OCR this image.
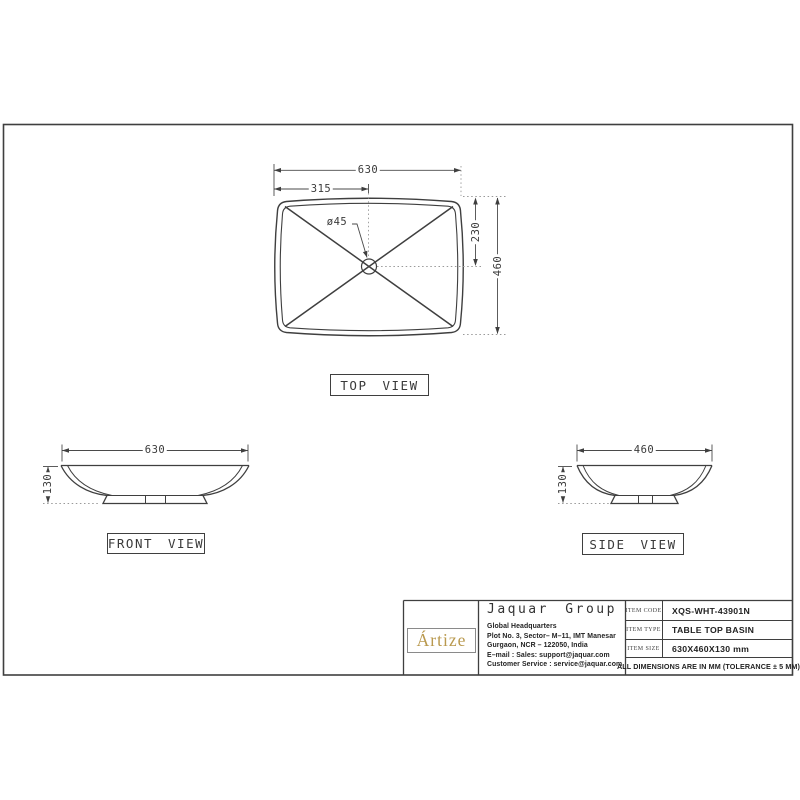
630
315
ø45
230
460
630
130
460
130
TOP VIEW
FRONT VIEW	SIDE VIEW
Ártize
Jaquar Group
Global Headquarters
Plot No. 3, Sector– M–11, IMT Manesar
Gurgaon, NCR – 122050, India
E–mail : Sales: support@jaquar.com
Customer Service : service@jaquar.com
ITEM CODE XQS-WHT-43901N
ITEM TYPE TABLE TOP BASIN
ITEM SIZE 630X460X130 mm
ALL DIMENSIONS ARE IN MM (TOLERANCE ± 5 MM)
